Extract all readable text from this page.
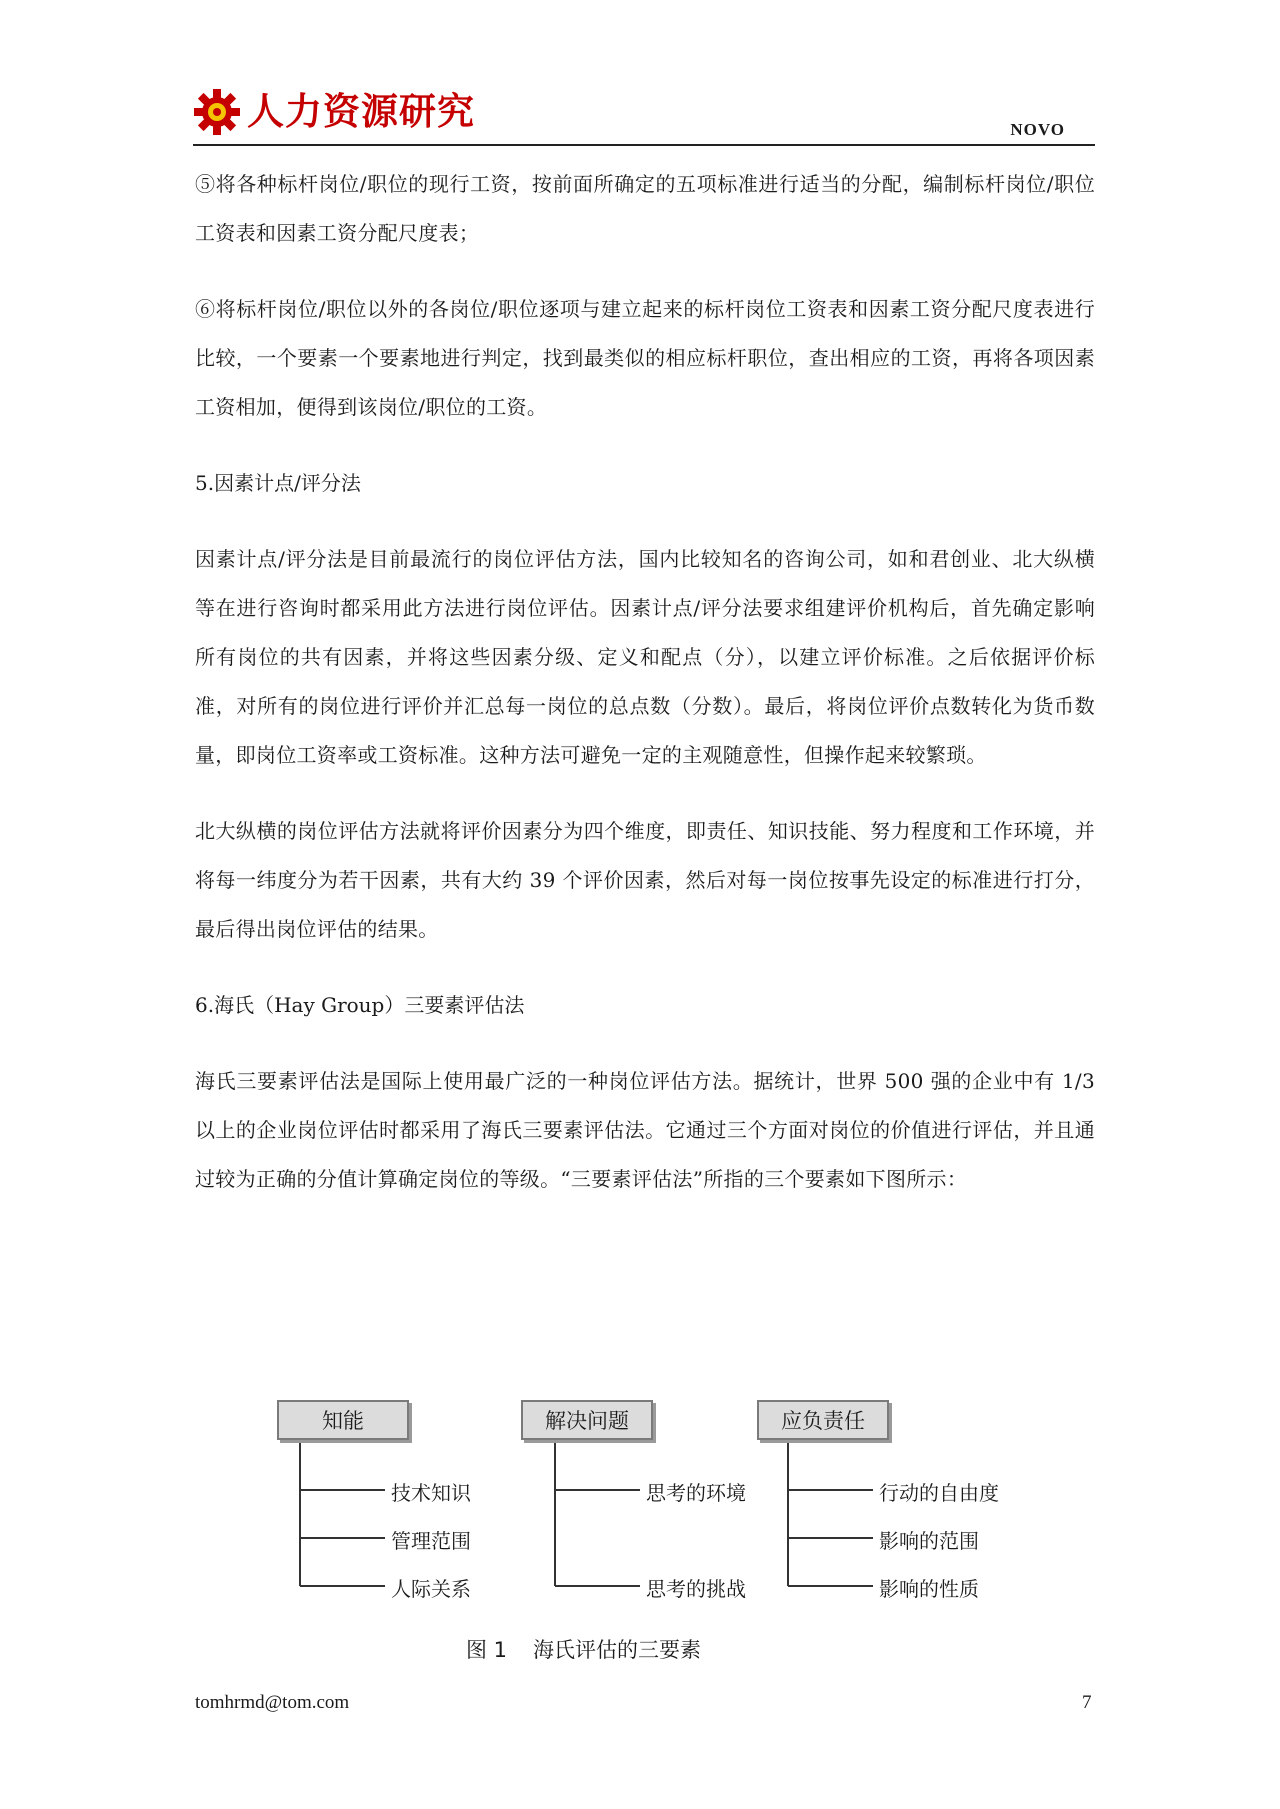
人力资源研究	NOVO

⑤将各种标杆岗位/职位的现行工资，按前面所确定的五项标准进行适当的分配，编制标杆岗位/职位工资表和因素工资分配尺度表；

⑥将标杆岗位/职位以外的各岗位/职位逐项与建立起来的标杆岗位工资表和因素工资分配尺度表进行比较，一个要素一个要素地进行判定，找到最类似的相应标杆职位，查出相应的工资，再将各项因素工资相加，便得到该岗位/职位的工资。

5.因素计点/评分法

因素计点/评分法是目前最流行的岗位评估方法，国内比较知名的咨询公司，如和君创业、北大纵横等在进行咨询时都采用此方法进行岗位评估。因素计点/评分法要求组建评价机构后，首先确定影响所有岗位的共有因素，并将这些因素分级、定义和配点（分），以建立评价标准。之后依据评价标准，对所有的岗位进行评价并汇总每一岗位的总点数（分数）。最后，将岗位评价点数转化为货币数量，即岗位工资率或工资标准。这种方法可避免一定的主观随意性，但操作起来较繁琐。

北大纵横的岗位评估方法就将评价因素分为四个维度，即责任、知识技能、努力程度和工作环境，并将每一纬度分为若干因素，共有大约 39 个评价因素，然后对每一岗位按事先设定的标准进行打分，最后得出岗位评估的结果。

6.海氏（Hay Group）三要素评估法

海氏三要素评估法是国际上使用最广泛的一种岗位评估方法。据统计，世界 500 强的企业中有 1/3 以上的企业岗位评估时都采用了海氏三要素评估法。它通过三个方面对岗位的价值进行评估，并且通过较为正确的分值计算确定岗位的等级。“三要素评估法”所指的三个要素如下图所示：

知能
技术知识
管理范围
人际关系
解决问题
思考的环境
思考的挑战
应负责任
行动的自由度
影响的范围
影响的性质
图 1 海氏评估的三要素
tomhrmd@tom.com	7
